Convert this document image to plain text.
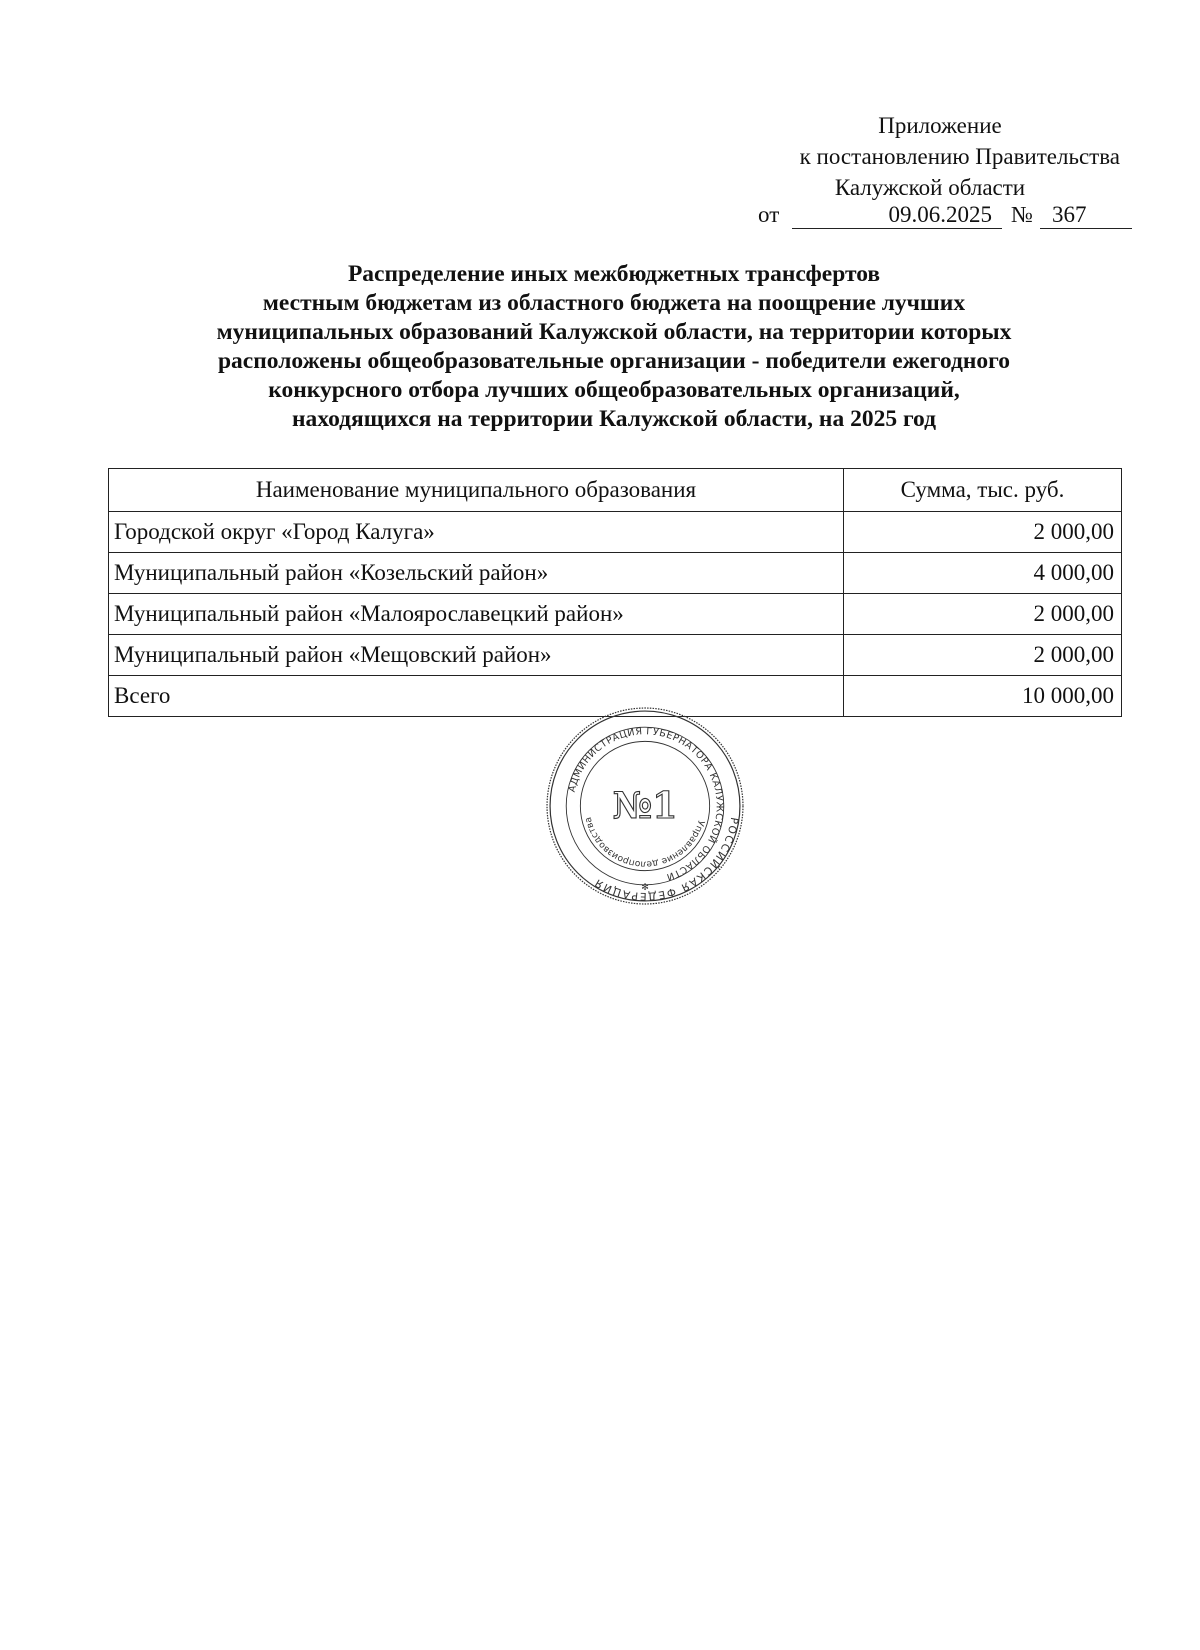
Приложение
к постановлению Правительства
Калужской области
от	09.06.2025 № 367
Распределение иных межбюджетных трансфертов
местным бюджетам из областного бюджета на поощрение лучших
муниципальных образований Калужской области, на территории которых
расположены общеобразовательные организации - победители ежегодного
конкурсного отбора лучших общеобразовательных организаций,
находящихся на территории Калужской области, на 2025 год
Наименование муниципального образования	Сумма, тыс. руб.
Городской округ «Город Калуга»	2 000,00
Муниципальный район «Козельский район»	4 000,00
Муниципальный район «Малоярославецкий район»	2 000,00
Муниципальный район «Мещовский район»	2 000,00
Всего	10 000,00
РОССИЙСКАЯ ФЕДЕРАЦИЯ
АДМИНИСТРАЦИЯ ГУБЕРНАТОРА КАЛУЖСКОЙ ОБЛАСТИ
Управление делопроизводства №1
✻
